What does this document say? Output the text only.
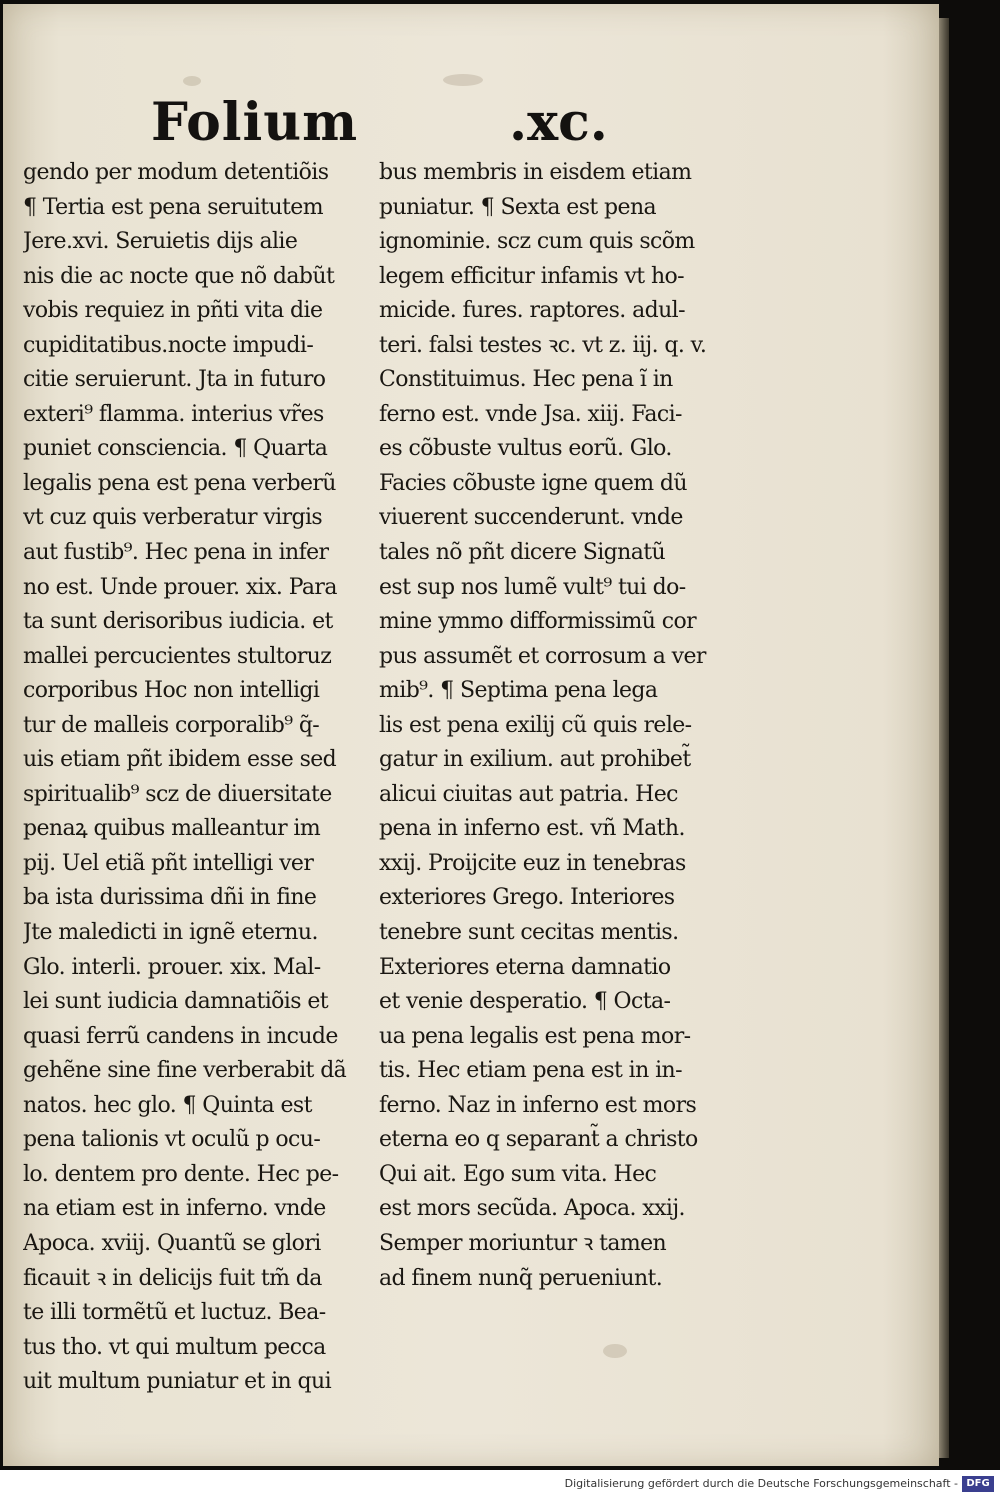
Folium	.xc.
gendo per modum detentiõis
¶ Tertia est pena seruitutem
Jere.xvi. Seruietis dijs alie
nis die ac nocte que nõ dabũt
vobis requiez in pñti vita die
cupiditatibus.nocte impudi-
citie seruierunt. Jta in futuro
exteri⁹ flamma. interius vr̃es
puniet consciencia. ¶ Quarta
legalis pena est pena verberũ
vt cuz quis verberatur virgis
aut fustib⁹. Hec pena in infer
no est. Unde prouer. xix. Para
ta sunt derisoribus iudicia. et
mallei percucientes stultoruz
corporibus Hoc non intelligi
tur de malleis corporalib⁹ q̃-
uis etiam pñt ibidem esse sed
spiritualib⁹ scz de diuersitate
penaꝝ quibus malleantur im
pij. Uel etiã pñt intelligi ver
ba ista durissima dñi in fine
Jte maledicti in ignẽ eternu.
Glo. interli. prouer. xix. Mal-
lei sunt iudicia damnatiõis et
quasi ferrũ candens in incude
gehẽne sine fine verberabit dã
natos. hec glo. ¶ Quinta est
pena talionis vt oculũ p ocu-
lo. dentem pro dente. Hec pe-
na etiam est in inferno. vnde
Apoca. xviij. Quantũ se glori
ficauit ꝛ in delicijs fuit tm̃ da
te illi tormẽtũ et luctuz. Bea-
tus tho. vt qui multum pecca
uit multum puniatur et in qui
bus membris in eisdem etiam
puniatur. ¶ Sexta est pena
ignominie. scz cum quis scõm
legem efficitur infamis vt ho-
micide. fures. raptores. adul-
teri. falsi testes ꝛc. vt z. iij. q. v.
Constituimus. Hec pena ĩ in
ferno est. vnde Jsa. xiij. Faci-
es cõbuste vultus eorũ. Glo.
Facies cõbuste igne quem dũ
viuerent succenderunt. vnde
tales nõ pñt dicere Signatũ
est sup nos lumẽ vult⁹ tui do-
mine ymmo difformissimũ cor
pus assumẽt et corrosum a ver
mib⁹. ¶ Septima pena lega
lis est pena exilij cũ quis rele-
gatur in exilium. aut prohibet̃
alicui ciuitas aut patria. Hec
pena in inferno est. vñ Math.
xxij. Proijcite euz in tenebras
exteriores Grego. Interiores
tenebre sunt cecitas mentis.
Exteriores eterna damnatio
et venie desperatio. ¶ Octa-
ua pena legalis est pena mor-
tis. Hec etiam pena est in in-
ferno. Naz in inferno est mors
eterna eo q separant̃ a christo
Qui ait. Ego sum vita. Hec
est mors secũda. Apoca. xxij.
Semper moriuntur ꝛ tamen
ad finem nunq̃ perueniunt.
Digitalisierung gefördert durch die Deutsche Forschungsgemeinschaft - DFG
